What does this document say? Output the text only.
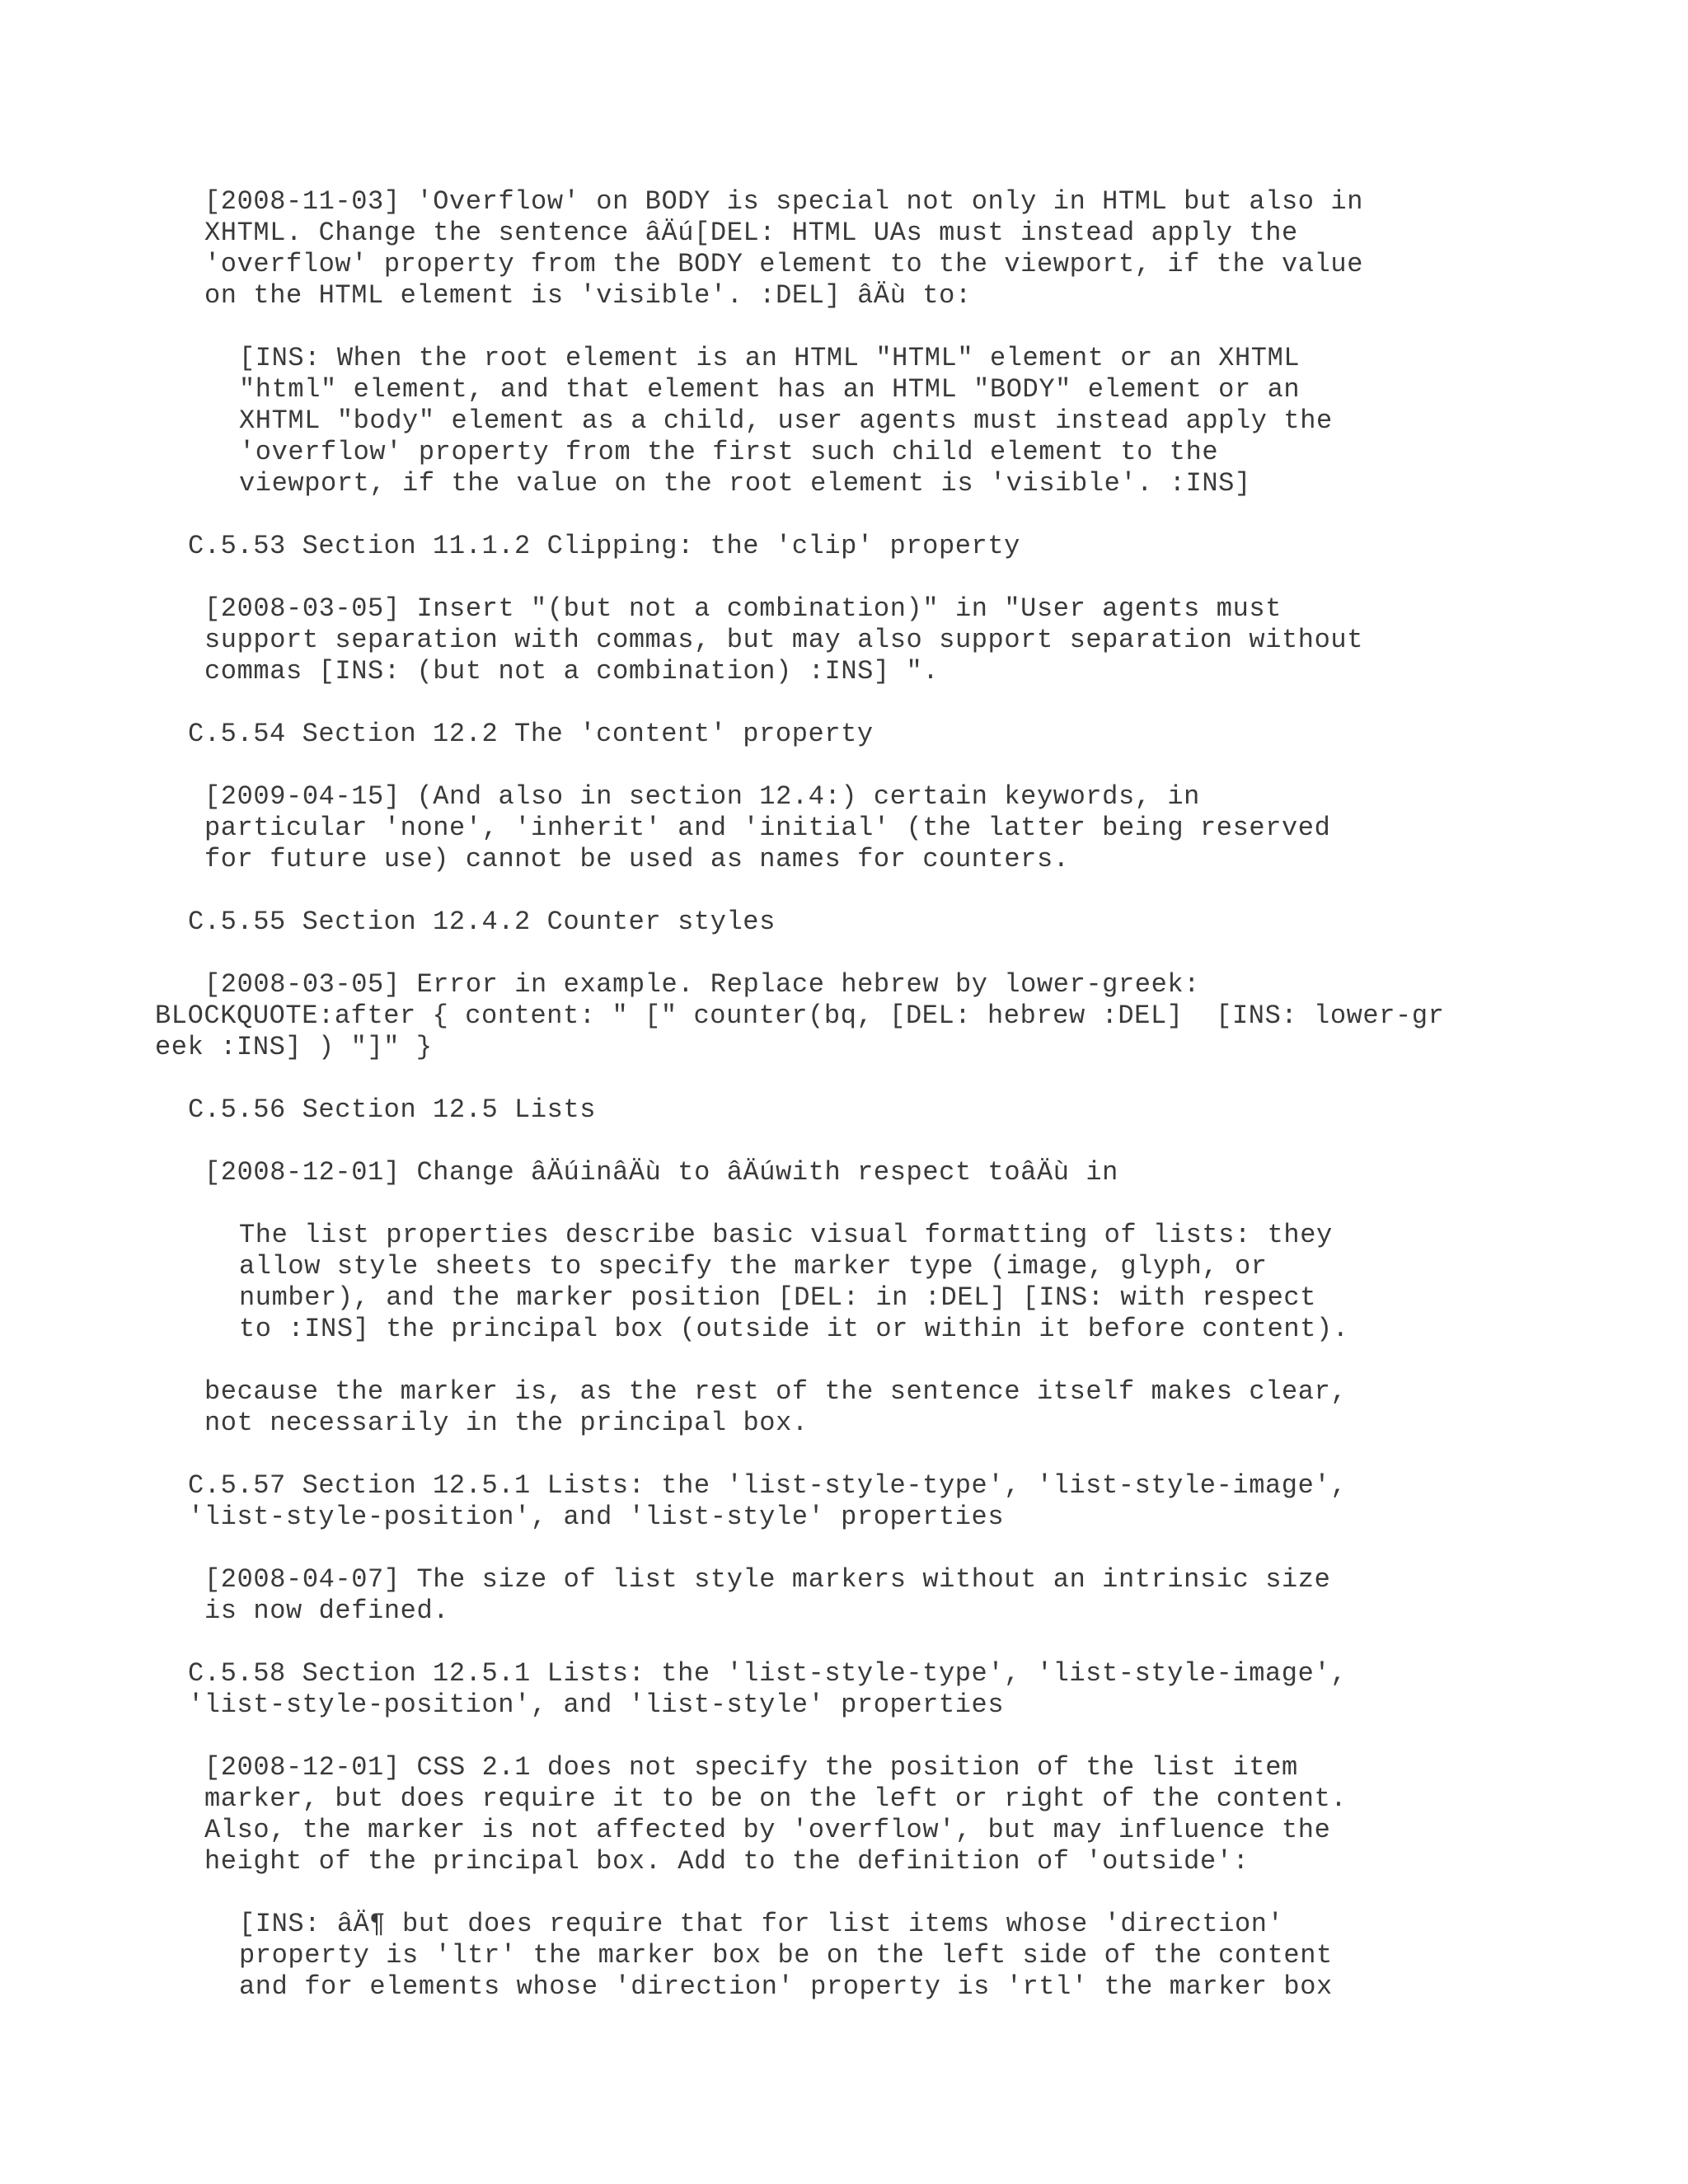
[2008-11-03] 'Overflow' on BODY is special not only in HTML but also in
XHTML. Change the sentence âÄú[DEL: HTML UAs must instead apply the
'overflow' property from the BODY element to the viewport, if the value
on the HTML element is 'visible'. :DEL] âÄù to:
[INS: When the root element is an HTML "HTML" element or an XHTML
"html" element, and that element has an HTML "BODY" element or an
XHTML "body" element as a child, user agents must instead apply the
'overflow' property from the first such child element to the
viewport, if the value on the root element is 'visible'. :INS]
C.5.53 Section 11.1.2 Clipping: the 'clip' property
[2008-03-05] Insert "(but not a combination)" in "User agents must
support separation with commas, but may also support separation without
commas [INS: (but not a combination) :INS] ".
C.5.54 Section 12.2 The 'content' property
[2009-04-15] (And also in section 12.4:) certain keywords, in
particular 'none', 'inherit' and 'initial' (the latter being reserved
for future use) cannot be used as names for counters.
C.5.55 Section 12.4.2 Counter styles
[2008-03-05] Error in example. Replace hebrew by lower-greek:
BLOCKQUOTE:after { content: " [" counter(bq, [DEL: hebrew :DEL]  [INS: lower-gr
eek :INS] ) "]" }
C.5.56 Section 12.5 Lists
[2008-12-01] Change âÄúinâÄù to âÄúwith respect toâÄù in
The list properties describe basic visual formatting of lists: they
allow style sheets to specify the marker type (image, glyph, or
number), and the marker position [DEL: in :DEL] [INS: with respect
to :INS] the principal box (outside it or within it before content).
because the marker is, as the rest of the sentence itself makes clear,
not necessarily in the principal box.
C.5.57 Section 12.5.1 Lists: the 'list-style-type', 'list-style-image',
'list-style-position', and 'list-style' properties
[2008-04-07] The size of list style markers without an intrinsic size
is now defined.
C.5.58 Section 12.5.1 Lists: the 'list-style-type', 'list-style-image',
'list-style-position', and 'list-style' properties
[2008-12-01] CSS 2.1 does not specify the position of the list item
marker, but does require it to be on the left or right of the content.
Also, the marker is not affected by 'overflow', but may influence the
height of the principal box. Add to the definition of 'outside':
[INS: âÄ¶ but does require that for list items whose 'direction'
property is 'ltr' the marker box be on the left side of the content
and for elements whose 'direction' property is 'rtl' the marker box
